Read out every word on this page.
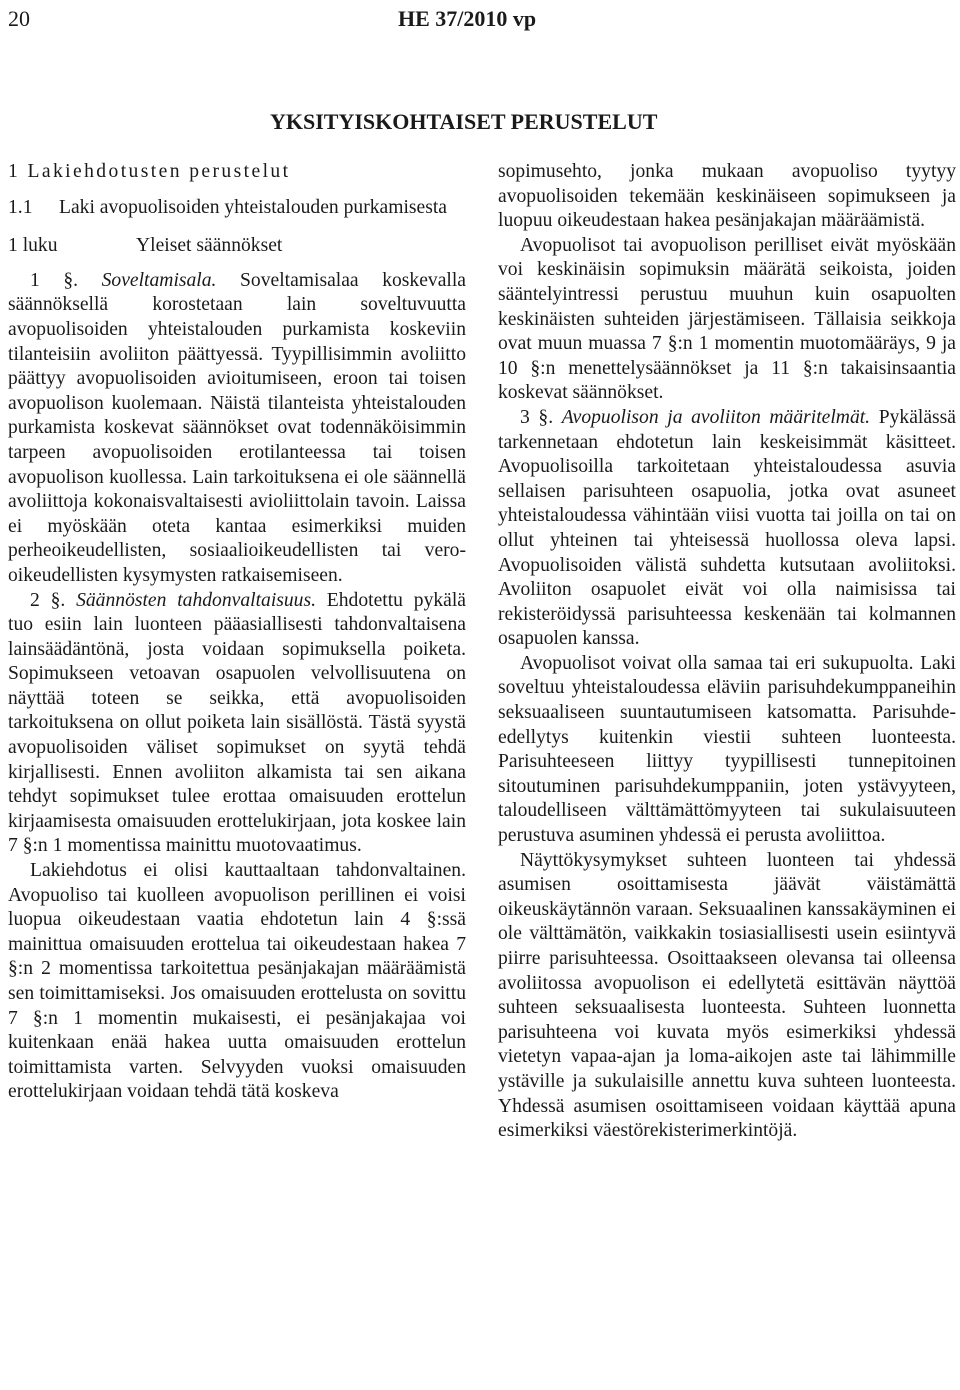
20	HE 37/2010 vp
YKSITYISKOHTAISET PERUSTELUT

1 Lakiehdotusten perustelut

1.1	Laki avopuolisoiden yhteistalouden purkamisesta

1 luku	Yleiset säännökset

1 §. Soveltamisala. Soveltamisalaa koskevalla säännöksellä korostetaan lain soveltuvuutta avopuolisoiden yhteistalouden purkamista koskeviin tilanteisiin avoliiton päättyessä. Tyypillisimmin avoliitto päättyy avopuolisoiden avioitumiseen, eroon tai toisen avopuolison kuolemaan. Näistä tilanteista yhteistalouden purkamista koskevat säännökset ovat todennäköisimmin tarpeen avopuolisoiden erotilanteessa tai toisen avopuolison kuollessa. Lain tarkoituksena ei ole säännellä avoliittoja kokonaisvaltaisesti avioliittolain tavoin. Laissa ei myöskään oteta kantaa esimerkiksi muiden perheoikeudellisten, sosiaalioikeudellisten tai vero-oikeudellisten kysymysten ratkaisemiseen.

2 §. Säännösten tahdonvaltaisuus. Ehdotettu pykälä tuo esiin lain luonteen pääasiallisesti tahdonvaltaisena lainsäädäntönä, josta voidaan sopimuksella poiketa. Sopimukseen vetoavan osapuolen velvollisuutena on näyttää toteen se seikka, että avopuolisoiden tarkoituksena on ollut poiketa lain sisällöstä. Tästä syystä avopuolisoiden väliset sopimukset on syytä tehdä kirjallisesti. Ennen avoliiton alkamista tai sen aikana tehdyt sopimukset tulee erottaa omaisuuden erottelun kirjaamisesta omaisuuden erottelukirjaan, jota koskee lain 7 §:n 1 momentissa mainittu muotovaatimus.

Lakiehdotus ei olisi kauttaaltaan tahdonvaltainen. Avopuoliso tai kuolleen avopuolison perillinen ei voisi luopua oikeudestaan vaatia ehdotetun lain 4 §:ssä mainittua omaisuuden erottelua tai oikeudestaan hakea 7 §:n 2 momentissa tarkoitettua pesänjakajan määräämistä sen toimittamiseksi. Jos omaisuuden erottelusta on sovittu 7 §:n 1 momentin mukaisesti, ei pesänjakajaa voi kuitenkaan enää hakea uutta omaisuuden erottelun toimittamista varten. Selvyyden vuoksi omaisuuden erottelukirjaan voidaan tehdä tätä koskeva

sopimusehto, jonka mukaan avopuoliso tyytyy avopuolisoiden tekemään keskinäiseen sopimukseen ja luopuu oikeudestaan hakea pesänjakajan määräämistä.

Avopuolisot tai avopuolison perilliset eivät myöskään voi keskinäisin sopimuksin määrätä seikoista, joiden sääntelyintressi perustuu muuhun kuin osapuolten keskinäisten suhteiden järjestämiseen. Tällaisia seikkoja ovat muun muassa 7 §:n 1 momentin muotomääräys, 9 ja 10 §:n menettelysäännökset ja 11 §:n takaisinsaantia koskevat säännökset.

3 §. Avopuolison ja avoliiton määritelmät. Pykälässä tarkennetaan ehdotetun lain keskeisimmät käsitteet. Avopuolisoilla tarkoitetaan yhteistaloudessa asuvia sellaisen parisuhteen osapuolia, jotka ovat asuneet yhteistaloudessa vähintään viisi vuotta tai joilla on tai on ollut yhteinen tai yhteisessä huollossa oleva lapsi. Avopuolisoiden välistä suhdetta kutsutaan avoliitoksi. Avoliiton osapuolet eivät voi olla naimisissa tai rekisteröidyssä parisuhteessa keskenään tai kolmannen osapuolen kanssa.

Avopuolisot voivat olla samaa tai eri sukupuolta. Laki soveltuu yhteistaloudessa eläviin parisuhdekumppaneihin seksuaaliseen suuntautumiseen katsomatta. Parisuhde-edellytys kuitenkin viestii suhteen luonteesta. Parisuhteeseen liittyy tyypillisesti tunnepitoinen sitoutuminen parisuhdekumppaniin, joten ystävyyteen, taloudelliseen välttämättömyyteen tai sukulaisuuteen perustuva asuminen yhdessä ei perusta avoliittoa.

Näyttökysymykset suhteen luonteen tai yhdessä asumisen osoittamisesta jäävät väistämättä oikeuskäytännön varaan. Seksuaalinen kanssakäyminen ei ole välttämätön, vaikkakin tosiasiallisesti usein esiintyvä piirre parisuhteessa. Osoittaakseen olevansa tai olleensa avoliitossa avopuolison ei edellytetä esittävän näyttöä suhteen seksuaalisesta luonteesta. Suhteen luonnetta parisuhteena voi kuvata myös esimerkiksi yhdessä vietetyn vapaa-ajan ja loma-aikojen aste tai lähimmille ystäville ja sukulaisille annettu kuva suhteen luonteesta. Yhdessä asumisen osoittamiseen voidaan käyttää apuna esimerkiksi väestörekisterimerkintöjä.
